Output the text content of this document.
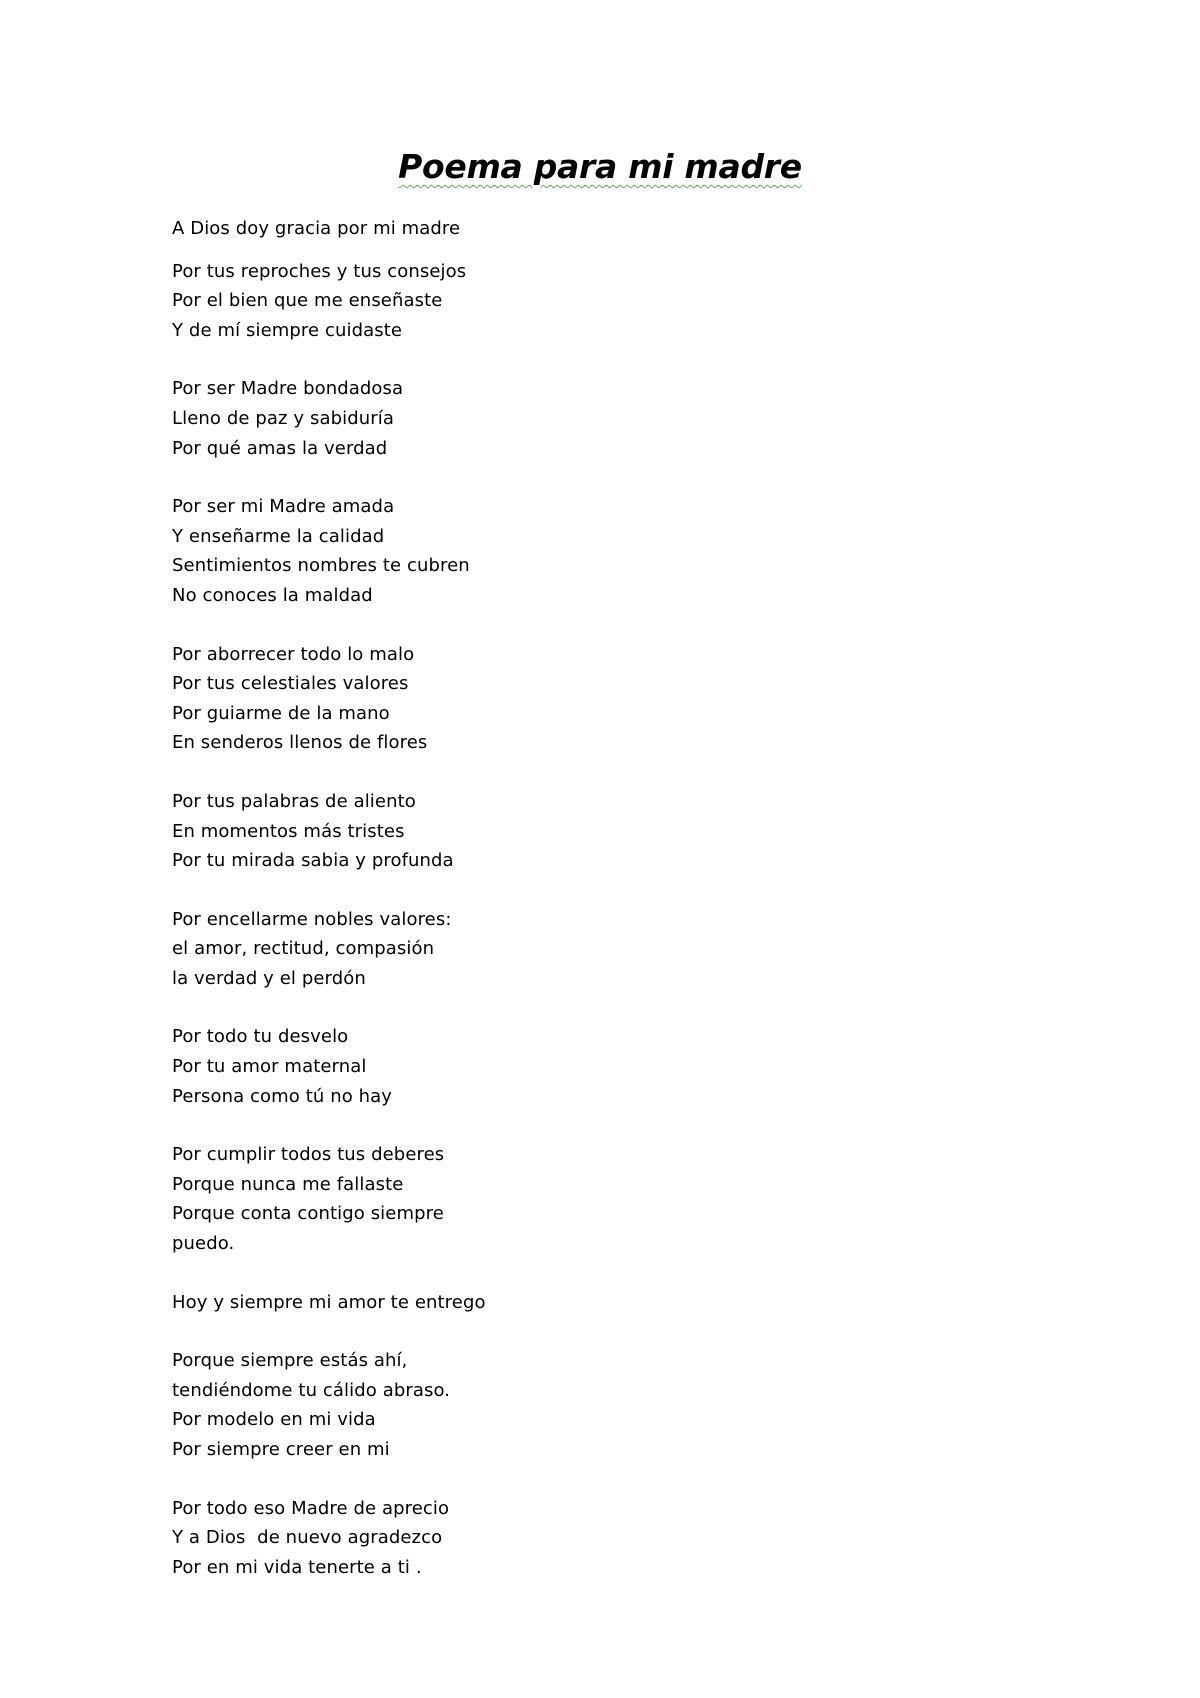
Poema para mi madre

A Dios doy gracia por mi madre

Por tus reproches y tus consejos
Por el bien que me enseñaste
Y de mí siempre cuidaste

Por ser Madre bondadosa
Lleno de paz y sabiduría
Por qué amas la verdad

Por ser mi Madre amada
Y enseñarme la calidad
Sentimientos nombres te cubren
No conoces la maldad

Por aborrecer todo lo malo
Por tus celestiales valores
Por guiarme de la mano
En senderos llenos de flores

Por tus palabras de aliento
En momentos más tristes
Por tu mirada sabia y profunda

Por encellarme nobles valores:
el amor, rectitud, compasión
la verdad y el perdón

Por todo tu desvelo
Por tu amor maternal
Persona como tú no hay

Por cumplir todos tus deberes
Porque nunca me fallaste
Porque conta contigo siempre
puedo.

Hoy y siempre mi amor te entrego

Porque siempre estás ahí,
tendiéndome tu cálido abraso.
Por modelo en mi vida
Por siempre creer en mi

Por todo eso Madre de aprecio
Y a Dios  de nuevo agradezco
Por en mi vida tenerte a ti .
